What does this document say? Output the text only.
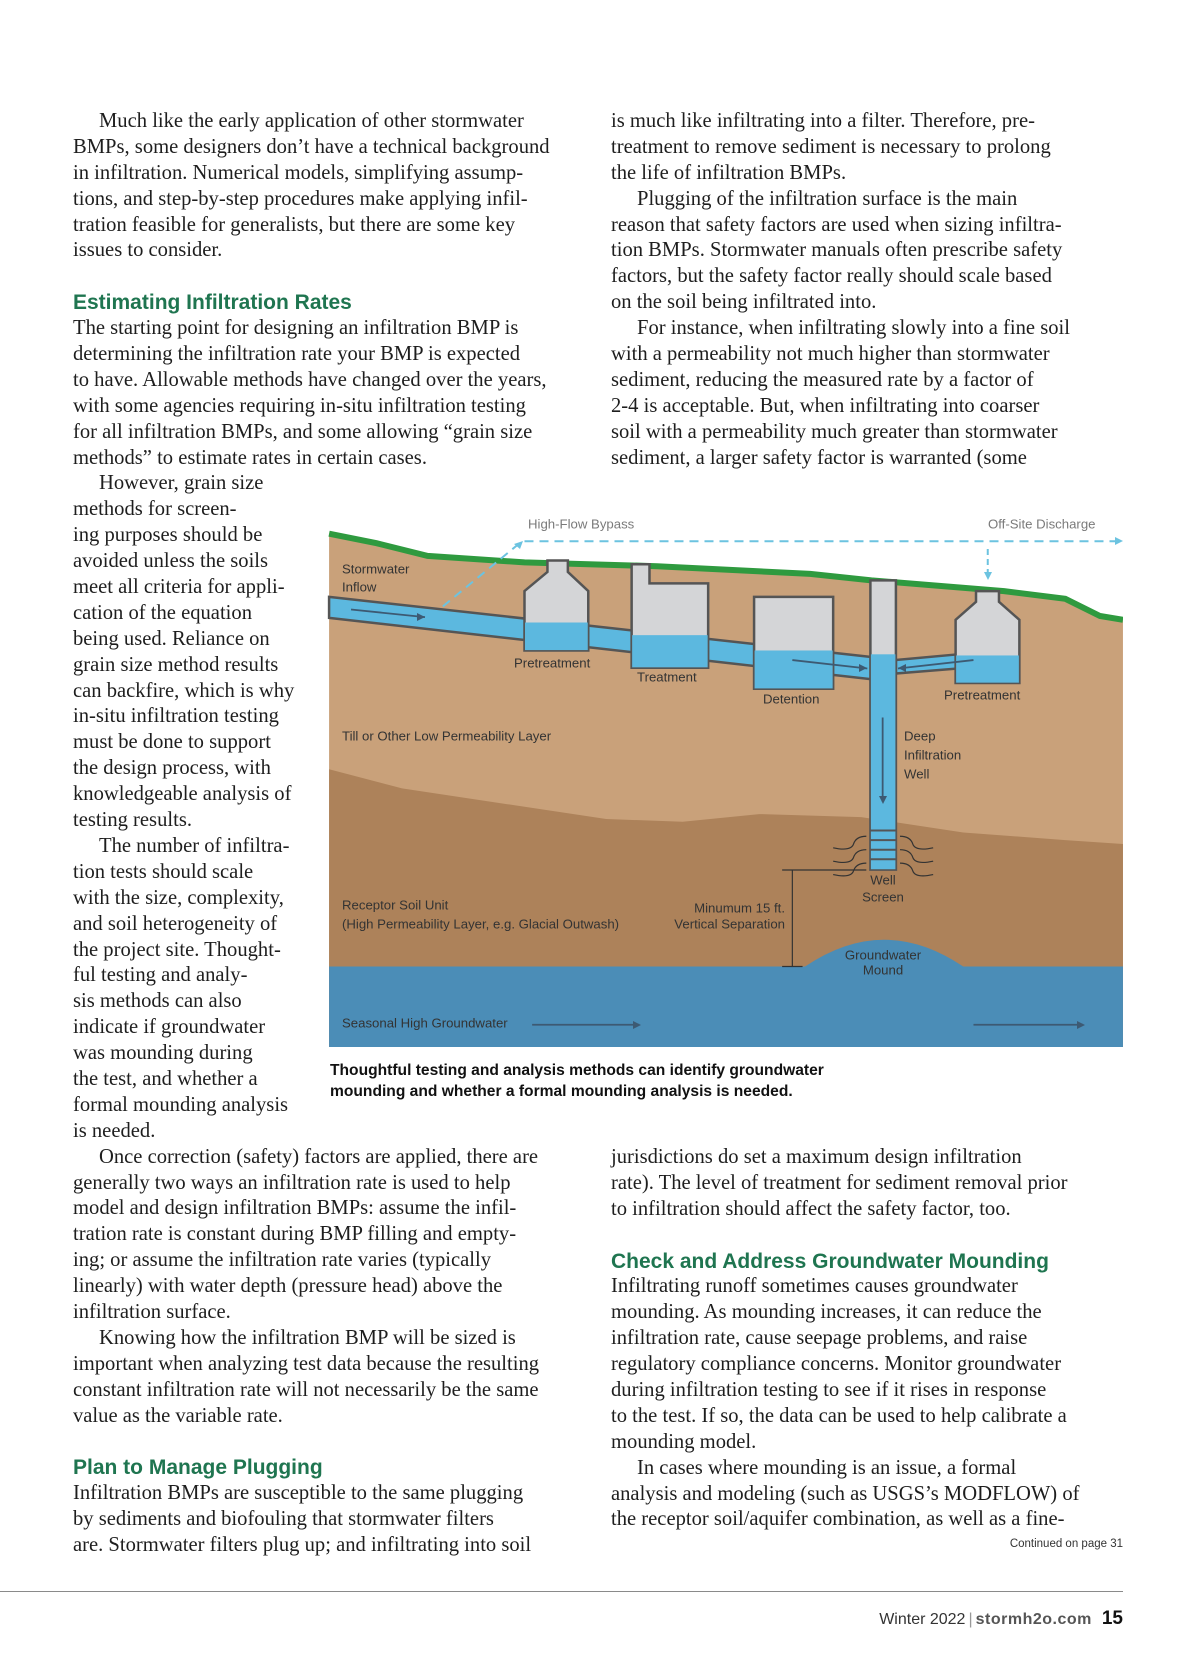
Much like the early application of other stormwater
BMPs, some designers don’t have a technical background
in infiltration. Numerical models, simplifying assump-
tions, and step-by-step procedures make applying infil-
tration feasible for generalists, but there are some key
issues to consider.
Estimating Infiltration Rates
The starting point for designing an infiltration BMP is
determining the infiltration rate your BMP is expected
to have. Allowable methods have changed over the years,
with some agencies requiring in-situ infiltration testing
for all infiltration BMPs, and some allowing “grain size
methods” to estimate rates in certain cases.
However, grain size
methods for screen-
ing purposes should be
avoided unless the soils
meet all criteria for appli-
cation of the equation
being used. Reliance on
grain size method results
can backfire, which is why
in-situ infiltration testing
must be done to support
the design process, with
knowledgeable analysis of
testing results.
The number of infiltra-
tion tests should scale
with the size, complexity,
and soil heterogeneity of
the project site. Thought-
ful testing and analy-
sis methods can also
indicate if groundwater
was mounding during
the test, and whether a
formal mounding analysis
is needed.
Once correction (safety) factors are applied, there are
generally two ways an infiltration rate is used to help
model and design infiltration BMPs: assume the infil-
tration rate is constant during BMP filling and empty-
ing; or assume the infiltration rate varies (typically
linearly) with water depth (pressure head) above the
infiltration surface.
Knowing how the infiltration BMP will be sized is
important when analyzing test data because the resulting
constant infiltration rate will not necessarily be the same
value as the variable rate.
Plan to Manage Plugging
Infiltration BMPs are susceptible to the same plugging
by sediments and biofouling that stormwater filters
are. Stormwater filters plug up; and infiltrating into soil
is much like infiltrating into a filter. Therefore, pre-
treatment to remove sediment is necessary to prolong
the life of infiltration BMPs.
Plugging of the infiltration surface is the main
reason that safety factors are used when sizing infiltra-
tion BMPs. Stormwater manuals often prescribe safety
factors, but the safety factor really should scale based
on the soil being infiltrated into.
For instance, when infiltrating slowly into a fine soil
with a permeability not much higher than stormwater
sediment, reducing the measured rate by a factor of
2-4 is acceptable. But, when infiltrating into coarser
soil with a permeability much greater than stormwater
sediment, a larger safety factor is warranted (some
jurisdictions do set a maximum design infiltration
rate). The level of treatment for sediment removal prior
to infiltration should affect the safety factor, too.
Check and Address Groundwater Mounding
Infiltrating runoff sometimes causes groundwater
mounding. As mounding increases, it can reduce the
infiltration rate, cause seepage problems, and raise
regulatory compliance concerns. Monitor groundwater
during infiltration testing to see if it rises in response
to the test. If so, the data can be used to help calibrate a
mounding model.
In cases where mounding is an issue, a formal
analysis and modeling (such as USGS’s MODFLOW) of
the receptor soil/aquifer combination, as well as a fine-
High-Flow Bypass	Off-Site Discharge
Stormwater
Inflow
Pretreatment
Treatment
Detention	Pretreatment
Till or Other Low Permeability Layer	Deep
Infiltration
Well
Well
Screen
Receptor Soil Unit
(High Permeability Layer, e.g. Glacial Outwash)
Minumum 15 ft.
Vertical Separation
Groundwater
Mound
Seasonal High Groundwater
Thoughtful testing and analysis methods can identify groundwater
mounding and whether a formal mounding analysis is needed.
Continued on page 31
Winter 2022 | stormh2o.com 15
